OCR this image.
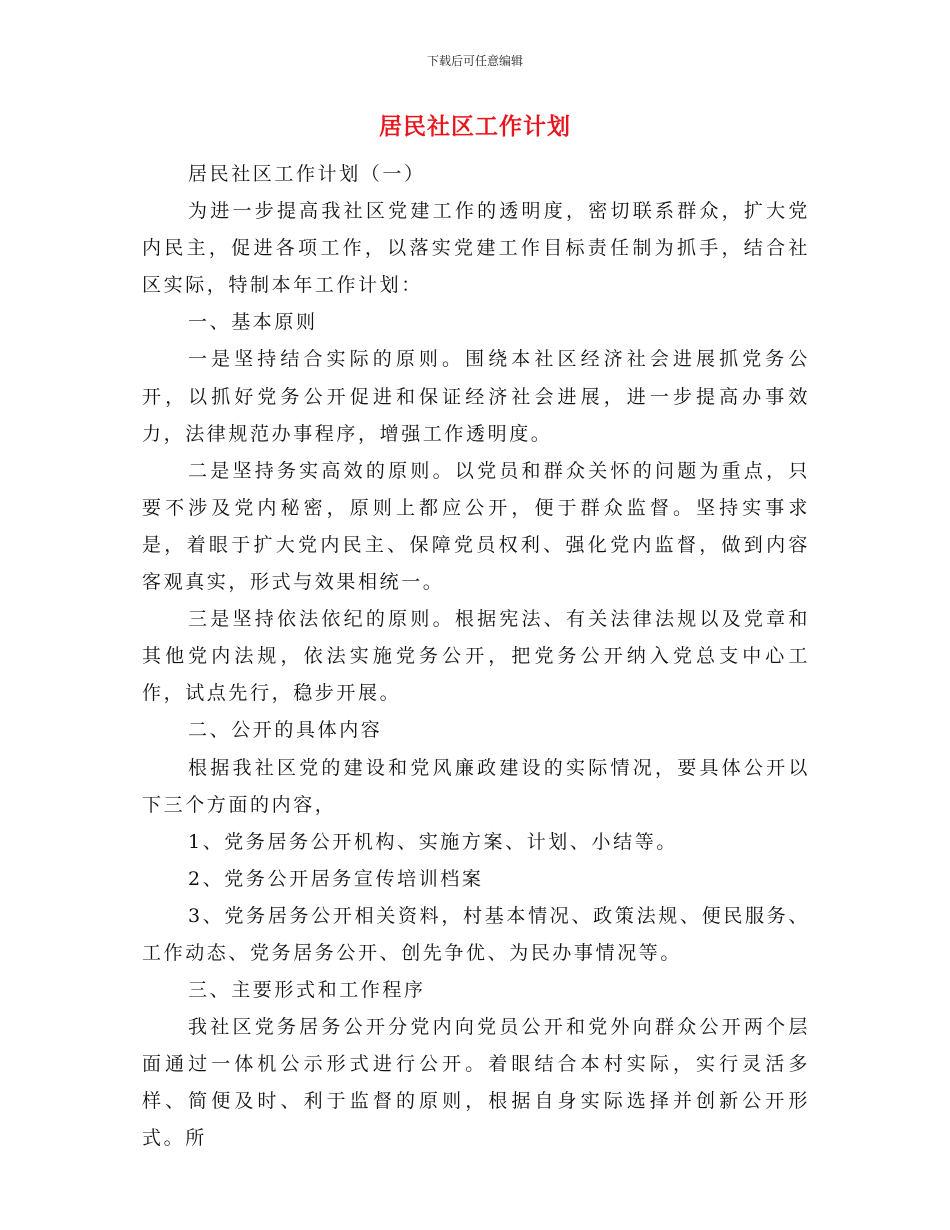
下载后可任意编辑
居民社区工作计划

居民社区工作计划（一）

为进一步提高我社区党建工作的透明度，密切联系群众，扩大党内民主，促进各项工作，以落实党建工作目标责任制为抓手，结合社区实际，特制本年工作计划：

一、基本原则

一是坚持结合实际的原则。围绕本社区经济社会进展抓党务公开，以抓好党务公开促进和保证经济社会进展，进一步提高办事效力，法律规范办事程序，增强工作透明度。

二是坚持务实高效的原则。以党员和群众关怀的问题为重点，只要不涉及党内秘密，原则上都应公开，便于群众监督。坚持实事求是，着眼于扩大党内民主、保障党员权利、强化党内监督，做到内容客观真实，形式与效果相统一。

三是坚持依法依纪的原则。根据宪法、有关法律法规以及党章和其他党内法规，依法实施党务公开，把党务公开纳入党总支中心工作，试点先行，稳步开展。

二、公开的具体内容

根据我社区党的建设和党风廉政建设的实际情况，要具体公开以下三个方面的内容，

1、党务居务公开机构、实施方案、计划、小结等。

2、党务公开居务宣传培训档案

3、党务居务公开相关资料，村基本情况、政策法规、便民服务、工作动态、党务居务公开、创先争优、为民办事情况等。

三、主要形式和工作程序

我社区党务居务公开分党内向党员公开和党外向群众公开两个层面通过一体机公示形式进行公开。着眼结合本村实际，实行灵活多样、简便及时、利于监督的原则，根据自身实际选择并创新公开形式。所
